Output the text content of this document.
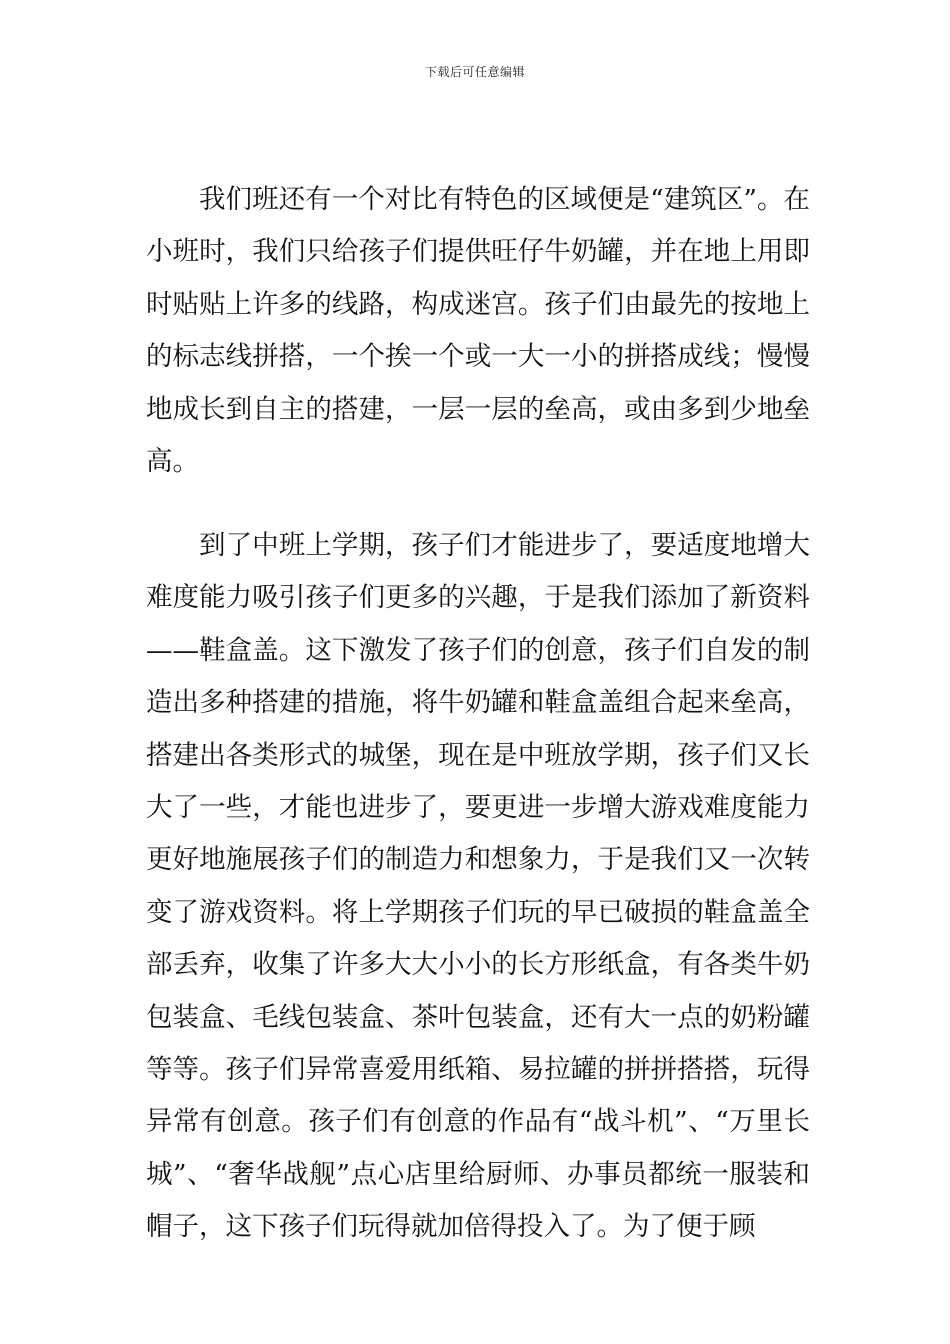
下载后可任意编辑

我们班还有一个对比有特色的区域便是“建筑区”。在小班时，我们只给孩子们提供旺仔牛奶罐，并在地上用即时贴贴上许多的线路，构成迷宫。孩子们由最先的按地上的标志线拼搭，一个挨一个或一大一小的拼搭成线；慢慢地成长到自主的搭建，一层一层的垒高，或由多到少地垒高。

到了中班上学期，孩子们才能进步了，要适度地增大难度能力吸引孩子们更多的兴趣，于是我们添加了新资料——鞋盒盖。这下激发了孩子们的创意，孩子们自发的制造出多种搭建的措施，将牛奶罐和鞋盒盖组合起来垒高，搭建出各类形式的城堡，现在是中班放学期，孩子们又长大了一些，才能也进步了，要更进一步增大游戏难度能力更好地施展孩子们的制造力和想象力，于是我们又一次转变了游戏资料。将上学期孩子们玩的早已破损的鞋盒盖全部丢弃，收集了许多大大小小的长方形纸盒，有各类牛奶包装盒、毛线包装盒、茶叶包装盒，还有大一点的奶粉罐等等。孩子们异常喜爱用纸箱、易拉罐的拼拼搭搭，玩得异常有创意。孩子们有创意的作品有“战斗机”、“万里长城”、“奢华战舰”点心店里给厨师、办事员都统一服装和帽子，这下孩子们玩得就加倍得投入了。为了便于顾
